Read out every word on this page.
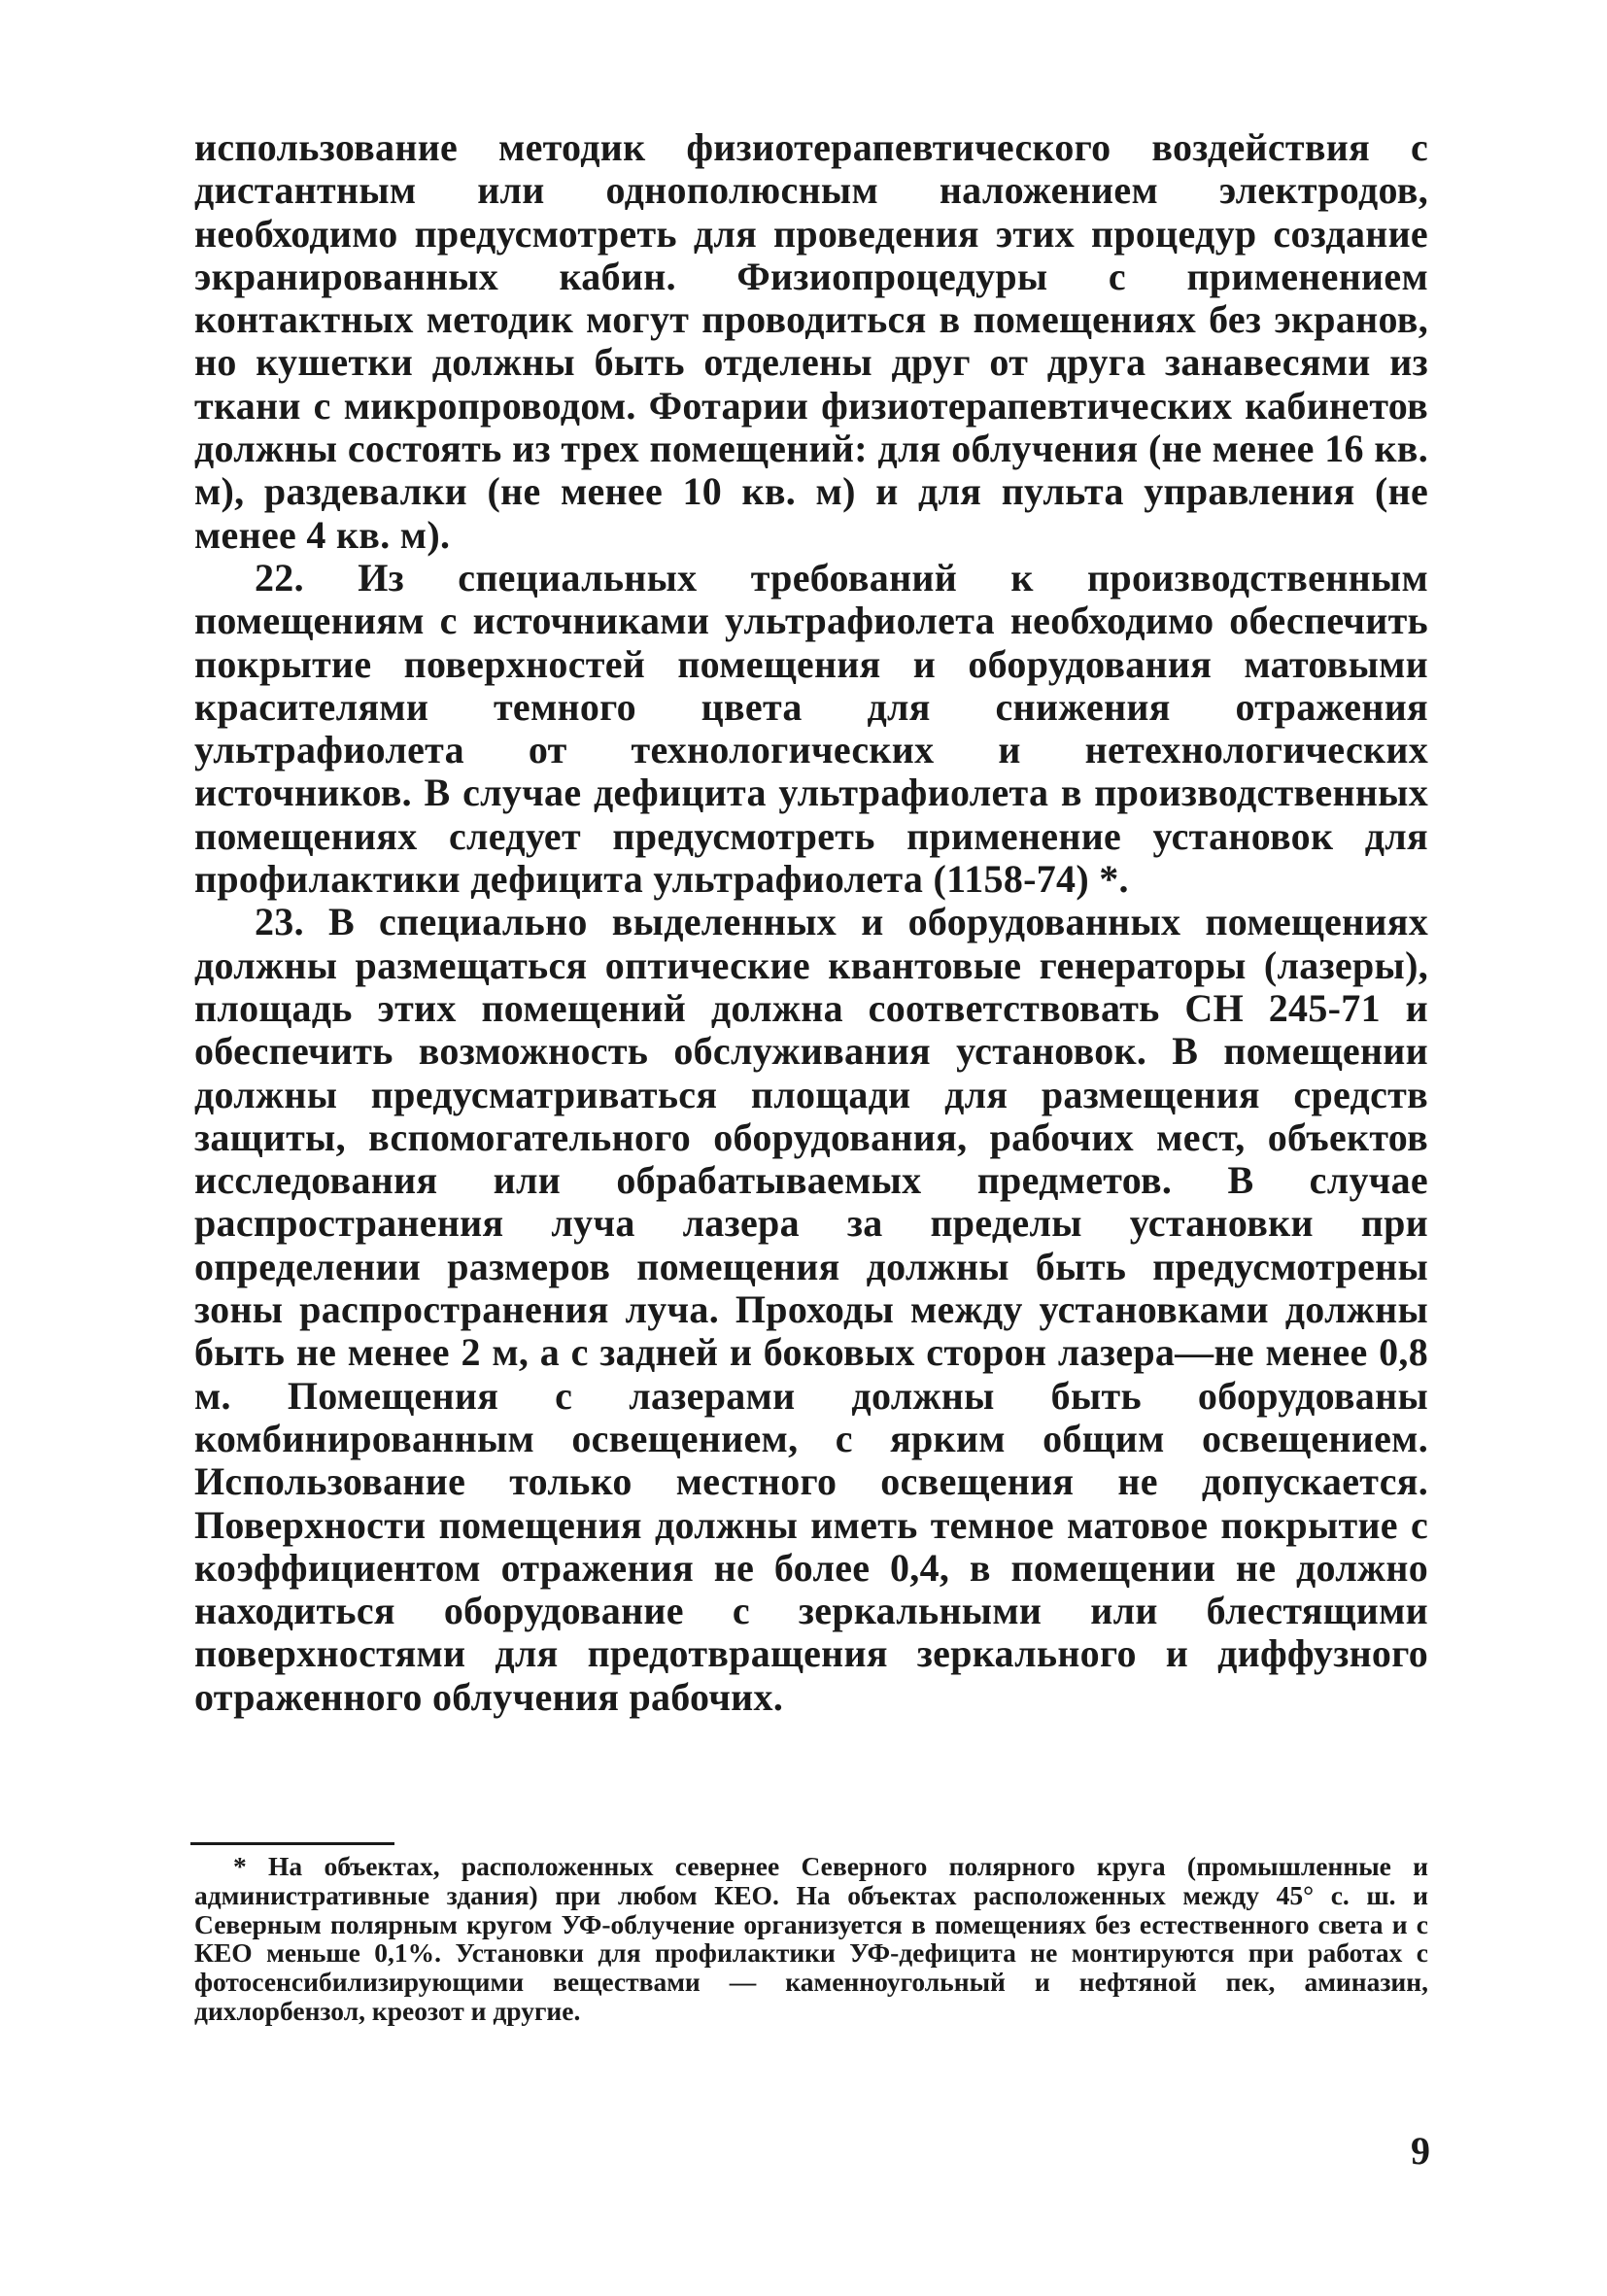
использование методик физиотерапевтического воздействия с дистантным или однополюсным наложением электродов, необходимо предусмотреть для проведения этих процедур создание экранированных кабин. Физиопроцедуры с применением контактных методик могут проводиться в помещениях без экранов, но кушетки должны быть отделены друг от друга занавесями из ткани с микропроводом. Фотарии физиотерапевтических кабинетов должны состоять из трех помещений: для облучения (не менее 16 кв. м), раздевалки (не менее 10 кв. м) и для пульта управления (не менее 4 кв. м).

22. Из специальных требований к производственным помещениям с источниками ультрафиолета необходимо обеспечить покрытие поверхностей помещения и оборудования матовыми красителями темного цвета для снижения отражения ультрафиолета от технологических и нетехнологических источников. В случае дефицита ультрафиолета в производственных помещениях следует предусмотреть применение установок для профилактики дефицита ультрафиолета (1158-74) *.

23. В специально выделенных и оборудованных помещениях должны размещаться оптические квантовые генераторы (лазеры), площадь этих помещений должна соответствовать СН 245-71 и обеспечить возможность обслуживания установок. В помещении должны предусматриваться площади для размещения средств защиты, вспомогательного оборудования, рабочих мест, объектов исследования или обрабатываемых предметов. В случае распространения луча лазера за пределы установки при определении размеров помещения должны быть предусмотрены зоны распространения луча. Проходы между установками должны быть не менее 2 м, а с задней и боковых сторон лазера—не менее 0,8 м. Помещения с лазерами должны быть оборудованы комбинированным освещением, с ярким общим освещением. Использование только местного освещения не допускается. Поверхности помещения должны иметь темное матовое покрытие с коэффициентом отражения не более 0,4, в помещении не должно находиться оборудование с зеркальными или блестящими поверхностями для предотвращения зеркального и диффузного отраженного облучения рабочих.

* На объектах, расположенных севернее Северного полярного круга (промышленные и административные здания) при любом КЕО. На объектах расположенных между 45° с. ш. и Северным полярным кругом УФ-облучение организуется в помещениях без естественного света и с КЕО меньше 0,1%. Установки для профилактики УФ-дефицита не монтируются при работах с фотосенсибилизирующими веществами — каменноугольный и нефтяной пек, аминазин, дихлорбензол, креозот и другие.

9
